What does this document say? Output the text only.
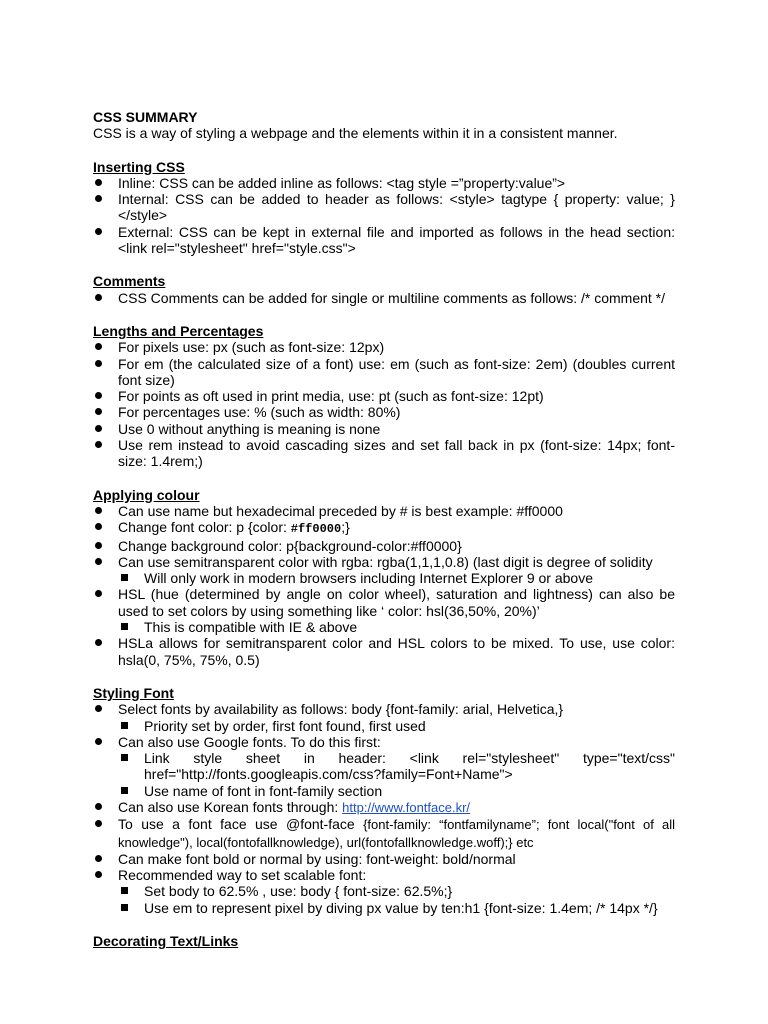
CSS SUMMARY
CSS is a way of styling a webpage and the elements within it in a consistent manner.
Inserting CSS
Inline: CSS can be added inline as follows: <tag style =”property:value”>
Internal: CSS can be added to header as follows: <style> tagtype { property: value; } </style>
External: CSS can be kept in external file and imported as follows in the head section: <link rel="stylesheet" href="style.css">
Comments
CSS Comments can be added for single or multiline comments as follows: /* comment */
Lengths and Percentages
For pixels use: px (such as font-size: 12px)
For em (the calculated size of a font) use: em (such as font-size: 2em) (doubles current font size)
For points as oft used in print media, use: pt (such as font-size: 12pt)
For percentages use: % (such as width: 80%)
Use 0 without anything is meaning is none
Use rem instead to avoid cascading sizes and set fall back in px (font-size: 14px; font-size: 1.4rem;)
Applying colour
Can use name but hexadecimal preceded by # is best example: #ff0000
Change font color: p {color: #ff0000;}
Change background color: p{background-color:#ff0000}
Can use semitransparent color with rgba: rgba(1,1,1,0.8) (last digit is degree of solidity
Will only work in modern browsers including Internet Explorer 9 or above
HSL (hue (determined by angle on color wheel), saturation and lightness) can also be used to set colors by using something like ‘ color: hsl(36,50%, 20%)’
This is compatible with IE & above
HSLa allows for semitransparent color and HSL colors to be mixed. To use, use color: hsla(0, 75%, 75%, 0.5)
Styling Font
Select fonts by availability as follows: body {font-family: arial, Helvetica,}
Priority set by order, first font found, first used
Can also use Google fonts. To do this first:
Link style sheet in header: <link rel="stylesheet" type="text/css" href="http://fonts.googleapis.com/css?family=Font+Name">
Use name of font in font-family section
Can also use Korean fonts through: http://www.fontface.kr/
To use a font face use @font-face {font-family: “fontfamilyname”; font local("font of all knowledge"), local(fontofallknowledge), url(fontofallknowledge.woff);} etc
Can make font bold or normal by using: font-weight: bold/normal
Recommended way to set scalable font:
Set body to 62.5% , use: body { font-size: 62.5%;}
Use em to represent pixel by diving px value by ten:h1 {font-size: 1.4em; /* 14px */}
Decorating Text/Links
